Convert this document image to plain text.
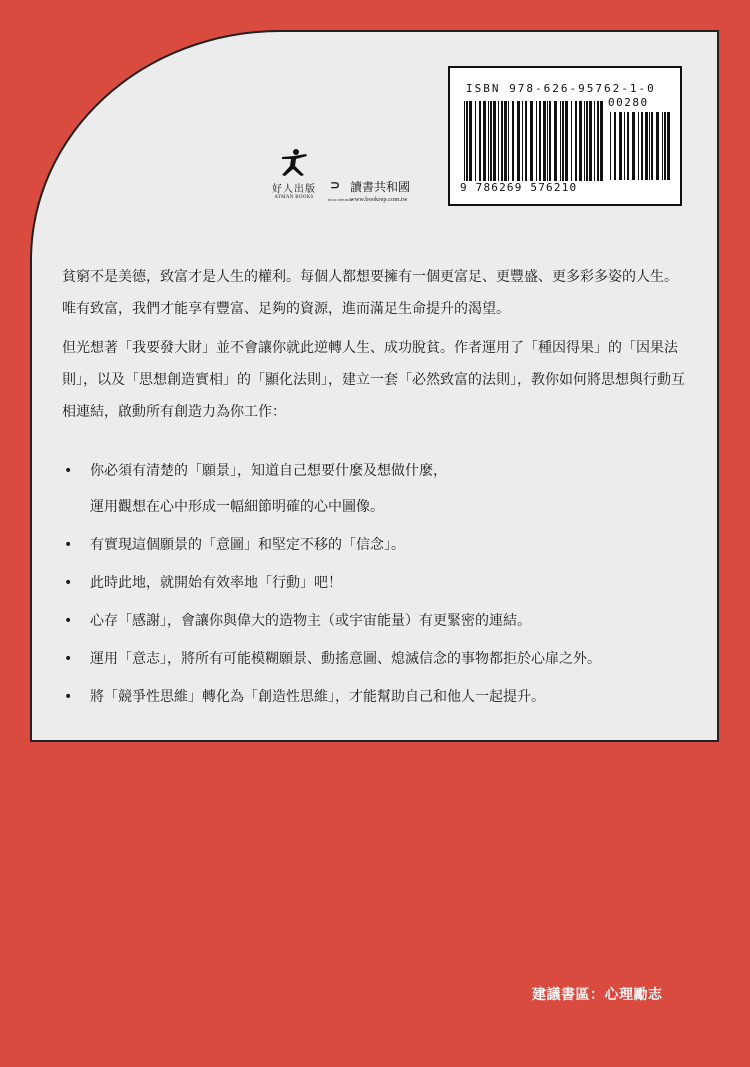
好人出版
ATMAN BOOKS
⊃ 讀書共和國
BOOK REPUBLIC
www.bookrep.com.tw
ISBN 978-626-95762-1-0
00280
9 786269 576210

貧窮不是美德，致富才是人生的權利。每個人都想要擁有一個更富足、更豐盛、更多彩多姿的人生。唯有致富，我們才能享有豐富、足夠的資源，進而滿足生命提升的渴望。

但光想著「我要發大財」並不會讓你就此逆轉人生、成功脫貧。作者運用了「種因得果」的「因果法則」，以及「思想創造實相」的「顯化法則」，建立一套「必然致富的法則」，教你如何將思想與行動互相連結，啟動所有創造力為你工作：

• 你必須有清楚的「願景」，知道自己想要什麼及想做什麼，
運用觀想在心中形成一幅細節明確的心中圖像。
• 有實現這個願景的「意圖」和堅定不移的「信念」。
• 此時此地，就開始有效率地「行動」吧！
• 心存「感謝」，會讓你與偉大的造物主（或宇宙能量）有更緊密的連結。
• 運用「意志」，將所有可能模糊願景、動搖意圖、熄滅信念的事物都拒於心扉之外。
• 將「競爭性思維」轉化為「創造性思維」，才能幫助自己和他人一起提升。
建議書區：心理勵志
